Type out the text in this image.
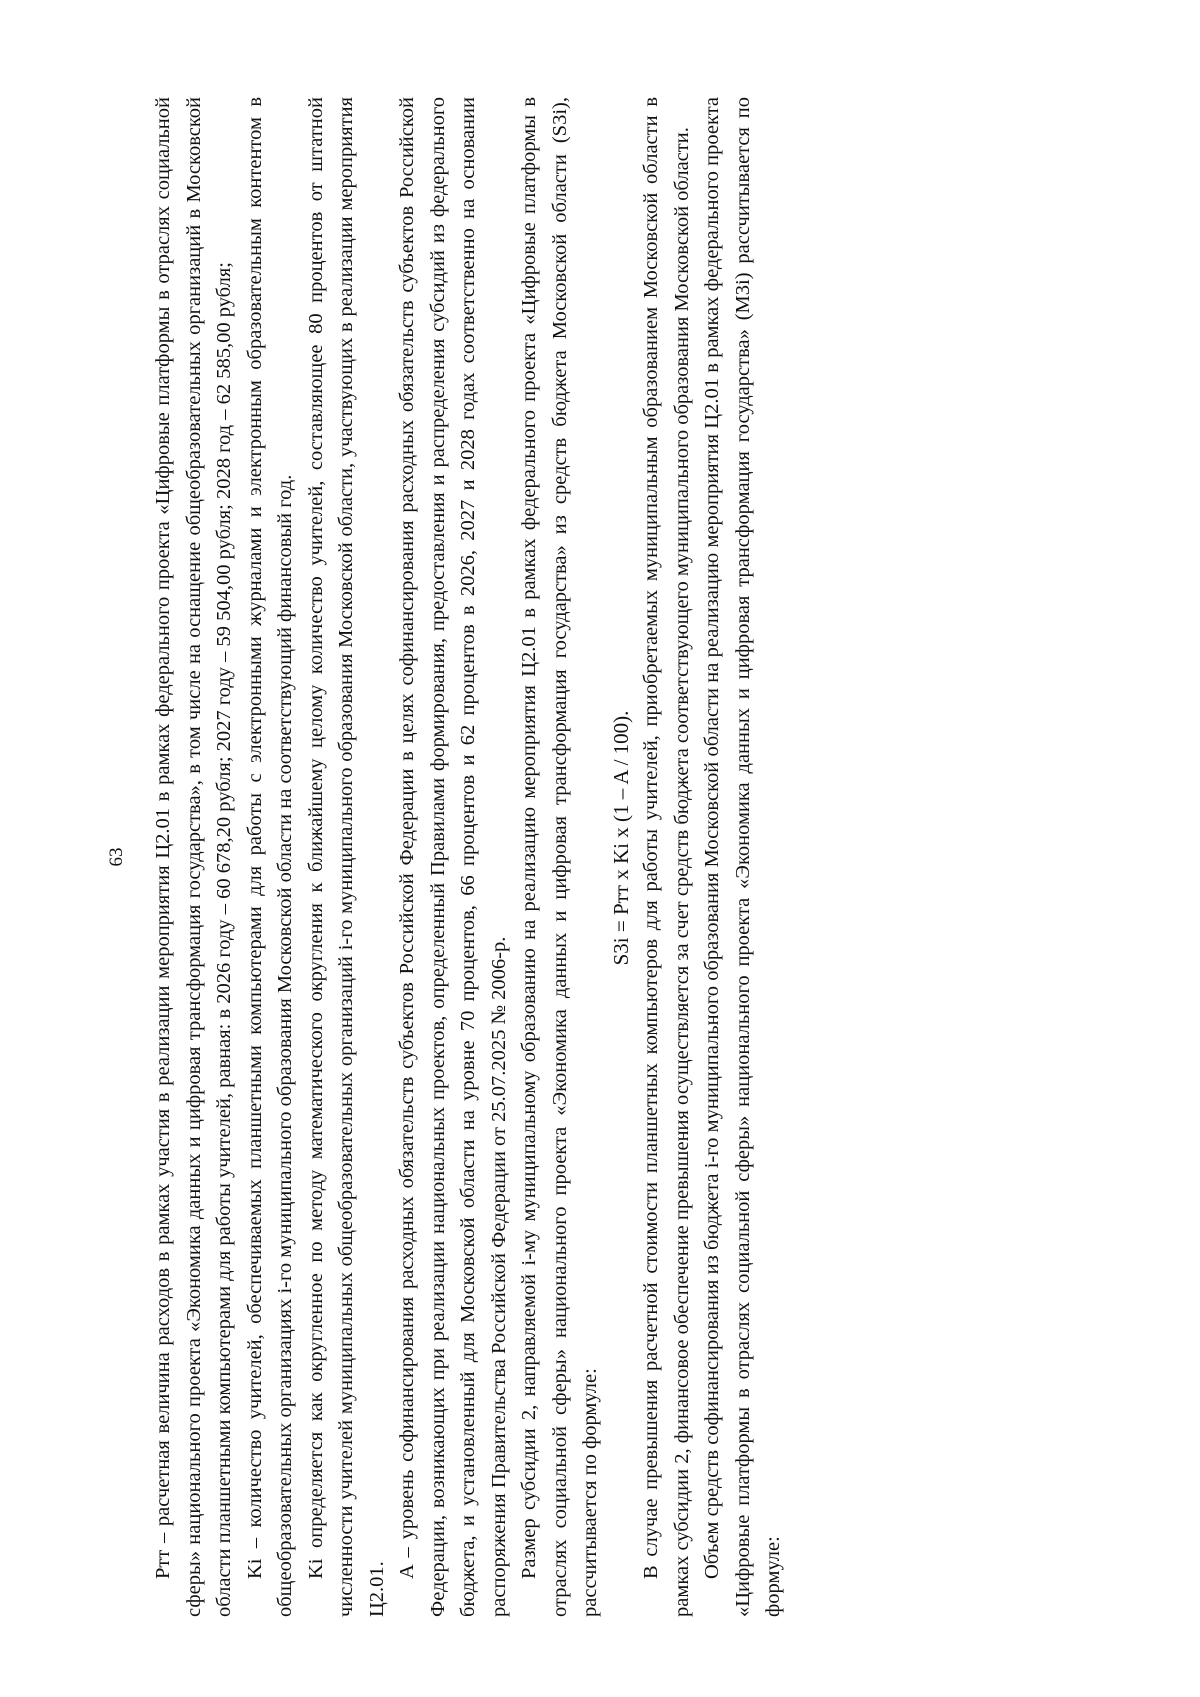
63 Pтт – расчетная величина расходов в рамках участия в реализации мероприятия Ц2.01 в рамках федерального проекта «Цифровые платформы в отраслях социальной сферы» национального проекта «Экономика данных и цифровая трансформация государства», в том числе на оснащение общеобразовательных организаций в Московской области планшетными компьютерами для работы учителей, равная: в 2026 году – 60 678,20 рубля; 2027 году – 59 504,00 рубля; 2028 год – 62 585,00 рубля; Ki – количество учителей, обеспечиваемых планшетными компьютерами для работы с электронными журналами и электронным образовательным контентом в общеобразовательных организациях i-го муниципального образования Московской области на соответствующий финансовый год. Ki определяется как округленное по методу математического округления к ближайшему целому количество учителей, составляющее 80 процентов от штатной численности учителей муниципальных общеобразовательных организаций i-го муниципального образования Московской области, участвующих в реализации мероприятия Ц2.01.

A – уровень софинансирования расходных обязательств субъектов Российской Федерации в целях софинансирования расходных обязательств субъектов Российской Федерации, возникающих при реализации национальных проектов, определенный Правилами формирования, предоставления и распределения субсидий из федерального бюджета, и установленный для Московской области на уровне 70 процентов, 66 процентов и 62 процентов в 2026, 2027 и 2028 годах соответственно на основании распоряжения Правительства Российской Федерации от 25.07.2025 № 2006-р. Размер субсидии 2, направляемой i-му муниципальному образованию на реализацию мероприятия Ц2.01 в рамках федерального проекта «Цифровые платформы в отраслях социальной сферы» национального проекта «Экономика данных и цифровая трансформация государства» из средств бюджета Московской области (S3i), рассчитывается по формуле:

S3i = Pтт x Ki x (1 – A / 100). В случае превышения расчетной стоимости планшетных компьютеров для работы учителей, приобретаемых муниципальным образованием Московской области в рамках субсидии 2, финансовое обеспечение превышения осуществляется за счет средств бюджета соответствующего муниципального образования Московской области. Объем средств софинансирования из бюджета i-го муниципального образования Московской области на реализацию мероприятия Ц2.01 в рамках федерального проекта «Цифровые платформы в отраслях социальной сферы» национального проекта «Экономика данных и цифровая трансформация государства» (M3i) рассчитывается по формуле:
